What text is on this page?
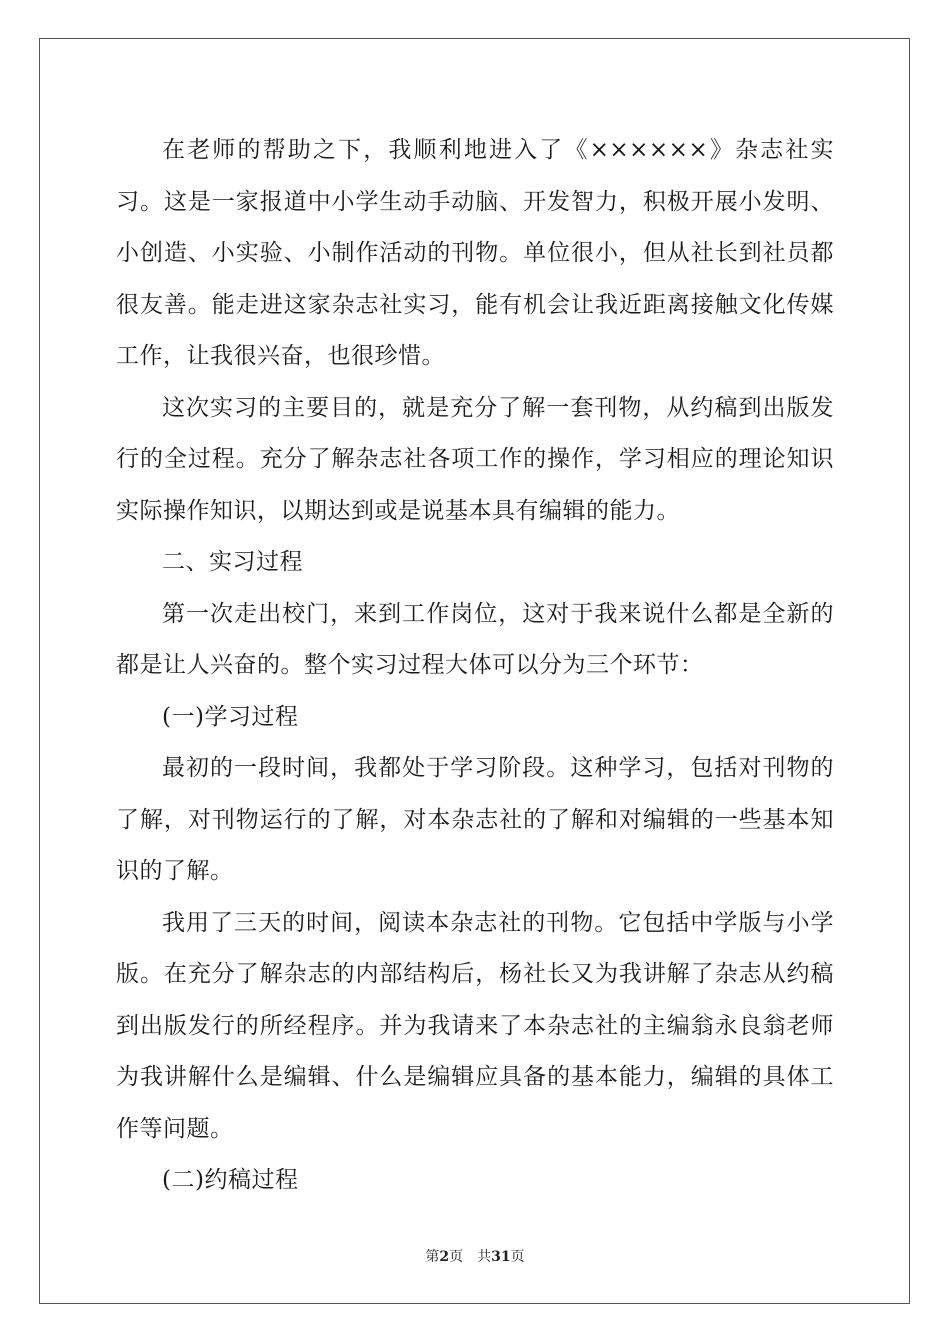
在老师的帮助之下，我顺利地进入了《××××××》杂志社实习。这是一家报道中小学生动手动脑、开发智力，积极开展小发明、小创造、小实验、小制作活动的刊物。单位很小，但从社长到社员都很友善。能走进这家杂志社实习，能有机会让我近距离接触文化传媒工作，让我很兴奋，也很珍惜。

这次实习的主要目的，就是充分了解一套刊物，从约稿到出版发行的全过程。充分了解杂志社各项工作的操作，学习相应的理论知识实际操作知识，以期达到或是说基本具有编辑的能力。

二、实习过程

第一次走出校门，来到工作岗位，这对于我来说什么都是全新的都是让人兴奋的。整个实习过程大体可以分为三个环节：

(一)学习过程

最初的一段时间，我都处于学习阶段。这种学习，包括对刊物的了解，对刊物运行的了解，对本杂志社的了解和对编辑的一些基本知识的了解。

我用了三天的时间，阅读本杂志社的刊物。它包括中学版与小学版。在充分了解杂志的内部结构后，杨社长又为我讲解了杂志从约稿到出版发行的所经程序。并为我请来了本杂志社的主编翁永良翁老师为我讲解什么是编辑、什么是编辑应具备的基本能力，编辑的具体工作等问题。

(二)约稿过程

第2页 共31页
